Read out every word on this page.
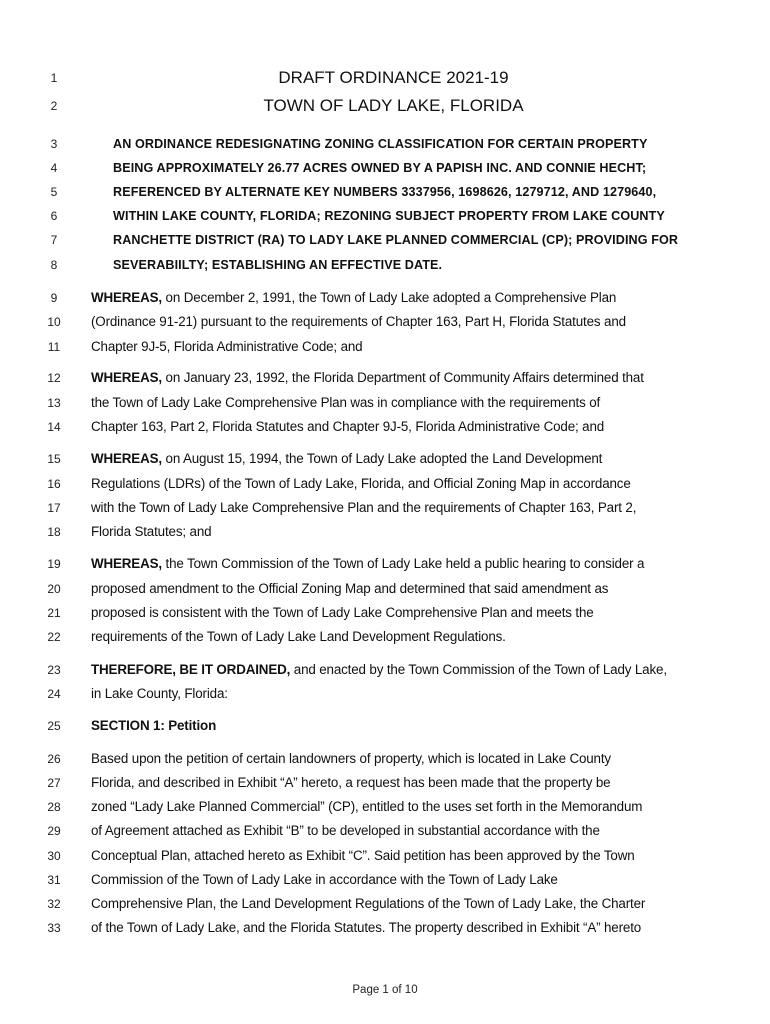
1	DRAFT ORDINANCE 2021-19
2	TOWN OF LADY LAKE, FLORIDA
3	AN ORDINANCE REDESIGNATING ZONING CLASSIFICATION FOR CERTAIN PROPERTY
4	BEING APPROXIMATELY 26.77 ACRES OWNED BY A PAPISH INC. AND CONNIE HECHT;
5	REFERENCED BY ALTERNATE KEY NUMBERS 3337956, 1698626, 1279712, AND 1279640,
6	WITHIN LAKE COUNTY, FLORIDA; REZONING SUBJECT PROPERTY FROM LAKE COUNTY
7	RANCHETTE DISTRICT (RA) TO LADY LAKE PLANNED COMMERCIAL (CP); PROVIDING FOR
8	SEVERABIILTY; ESTABLISHING AN EFFECTIVE DATE.
9	WHEREAS, on December 2, 1991, the Town of Lady Lake adopted a Comprehensive Plan
10	(Ordinance 91-21) pursuant to the requirements of Chapter 163, Part H, Florida Statutes and
11	Chapter 9J-5, Florida Administrative Code; and
12	WHEREAS, on January 23, 1992, the Florida Department of Community Affairs determined that
13	the Town of Lady Lake Comprehensive Plan was in compliance with the requirements of
14	Chapter 163, Part 2, Florida Statutes and Chapter 9J-5, Florida Administrative Code; and
15	WHEREAS, on August 15, 1994, the Town of Lady Lake adopted the Land Development
16	Regulations (LDRs) of the Town of Lady Lake, Florida, and Official Zoning Map in accordance
17	with the Town of Lady Lake Comprehensive Plan and the requirements of Chapter 163, Part 2,
18	Florida Statutes; and
19	WHEREAS, the Town Commission of the Town of Lady Lake held a public hearing to consider a
20	proposed amendment to the Official Zoning Map and determined that said amendment as
21	proposed is consistent with the Town of Lady Lake Comprehensive Plan and meets the
22	requirements of the Town of Lady Lake Land Development Regulations.
23	THEREFORE, BE IT ORDAINED, and enacted by the Town Commission of the Town of Lady Lake,
24	in Lake County, Florida:
25	SECTION 1: Petition
26	Based upon the petition of certain landowners of property, which is located in Lake County
27	Florida, and described in Exhibit “A” hereto, a request has been made that the property be
28	zoned “Lady Lake Planned Commercial” (CP), entitled to the uses set forth in the Memorandum
29	of Agreement attached as Exhibit “B” to be developed in substantial accordance with the
30	Conceptual Plan, attached hereto as Exhibit “C”. Said petition has been approved by the Town
31	Commission of the Town of Lady Lake in accordance with the Town of Lady Lake
32	Comprehensive Plan, the Land Development Regulations of the Town of Lady Lake, the Charter
33	of the Town of Lady Lake, and the Florida Statutes. The property described in Exhibit “A” hereto
Page 1 of 10
